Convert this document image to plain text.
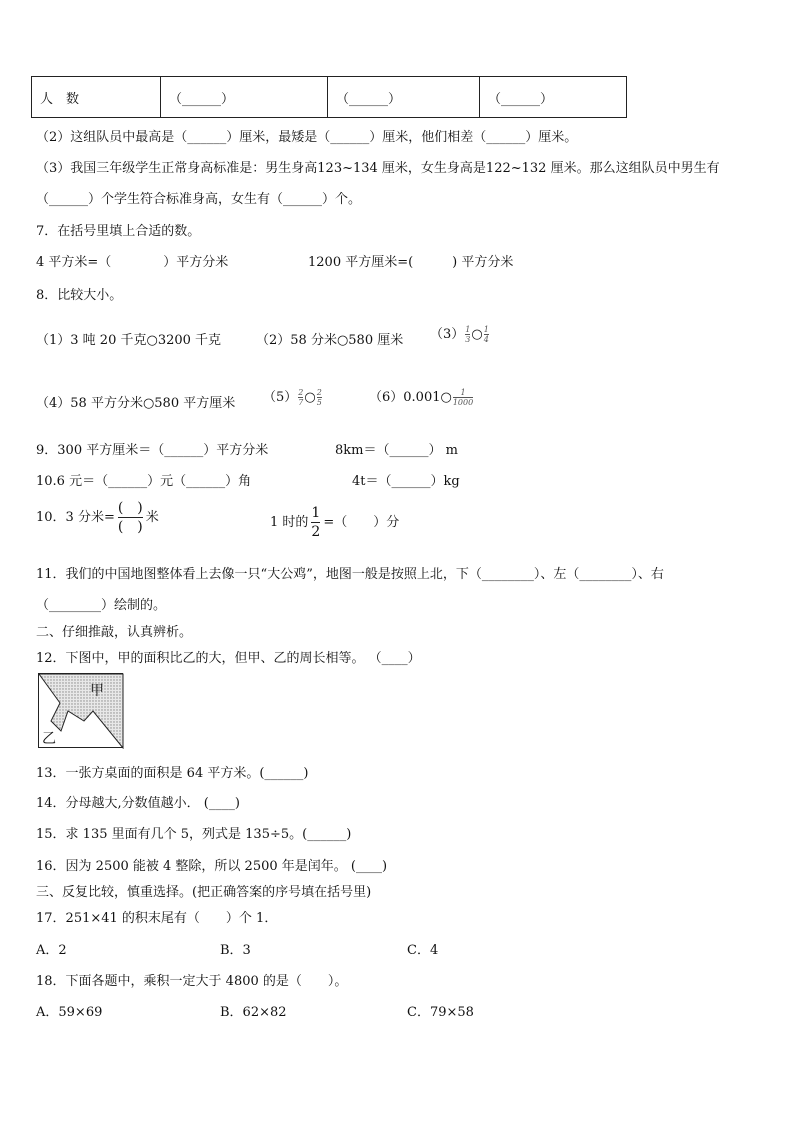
人　数	（______）	（______）	（______）
（2）这组队员中最高是（______）厘米，最矮是（______）厘米，他们相差（______）厘米。
（3）我国三年级学生正常身高标准是：男生身高123~134 厘米，女生身高是122~132 厘米。那么这组队员中男生有
（______）个学生符合标准身高，女生有（______）个。
7．在括号里填上合适的数。
4 平方米=（　　　　）平方分米	1200 平方厘米=(　　　) 平方分米
8．比较大小。
（1）3 吨 20 千克○3200 千克	（2）58 分米○580 厘米 $(3) \frac{1}{3}$ ○ $\frac{1}{4}$
（4）58 平方分米○580 平方厘米 $(5) \frac{2}{7}$ ○ $\frac{2}{5}$	（6）0.001○ $\frac{1}{1000}$
9．300 平方厘米＝（______）平方分米	8km＝（______） m
10.6 元＝（______）元（______）角	4t＝（______）kg
10．3 分米=
(　)
(　)
米	1 时的 $\frac{1}{2}$ =（　　）分
11．我们的中国地图整体看上去像一只“大公鸡”，地图一般是按照上北，下（________）、左（________）、右
（________）绘制的。
二、仔细推敲，认真辨析。
12．下图中，甲的面积比乙的大，但甲、乙的周长相等。 （____）
甲
乙
13．一张方桌面的面积是 64 平方米。(______)
14．分母越大,分数值越小． (____)
15．求 135 里面有几个 5，列式是 135÷5。(______)
16．因为 2500 能被 4 整除，所以 2500 年是闰年。 (____)
三、反复比较，慎重选择。(把正确答案的序号填在括号里)
17．251×41 的积末尾有（　　）个 1．
A．2	B．3	C．4
18．下面各题中，乘积一定大于 4800 的是（　　）。
A．59×69	B．62×82	C．79×58
